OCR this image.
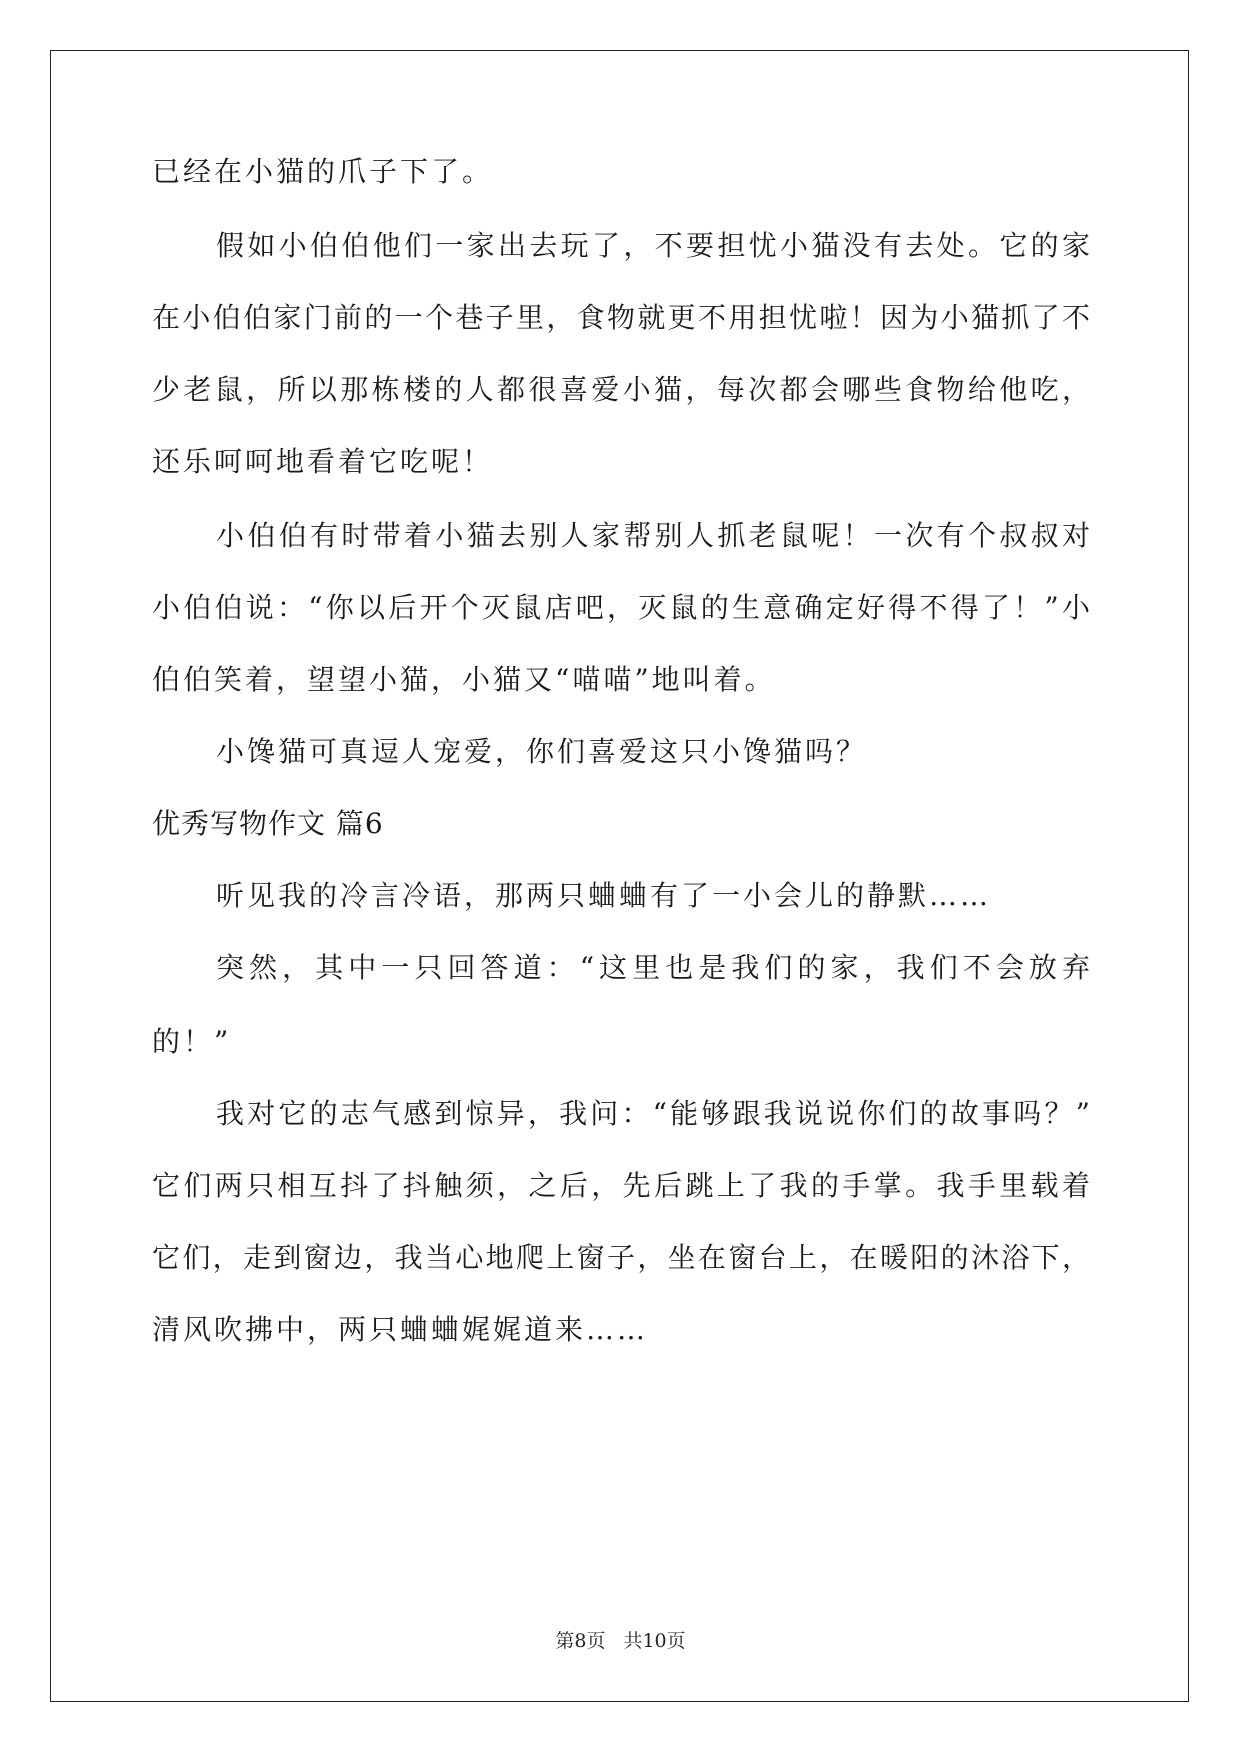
已经在小猫的爪子下了。
假如小伯伯他们一家出去玩了，不要担忧小猫没有去处。它的家
在小伯伯家门前的一个巷子里，食物就更不用担忧啦！因为小猫抓了不
少老鼠，所以那栋楼的人都很喜爱小猫，每次都会哪些食物给他吃，
还乐呵呵地看着它吃呢！
小伯伯有时带着小猫去别人家帮别人抓老鼠呢！一次有个叔叔对
小伯伯说：“你以后开个灭鼠店吧，灭鼠的生意确定好得不得了！”小
伯伯笑着，望望小猫，小猫又“喵喵”地叫着。
小馋猫可真逗人宠爱，你们喜爱这只小馋猫吗？
优秀写物作文 篇6
听见我的冷言冷语，那两只蛐蛐有了一小会儿的静默……
突然，其中一只回答道：“这里也是我们的家，我们不会放弃
的！”
我对它的志气感到惊异，我问：“能够跟我说说你们的故事吗？”
它们两只相互抖了抖触须，之后，先后跳上了我的手掌。我手里载着
它们，走到窗边，我当心地爬上窗子，坐在窗台上，在暖阳的沐浴下，
清风吹拂中，两只蛐蛐娓娓道来……
第8页 共10页
